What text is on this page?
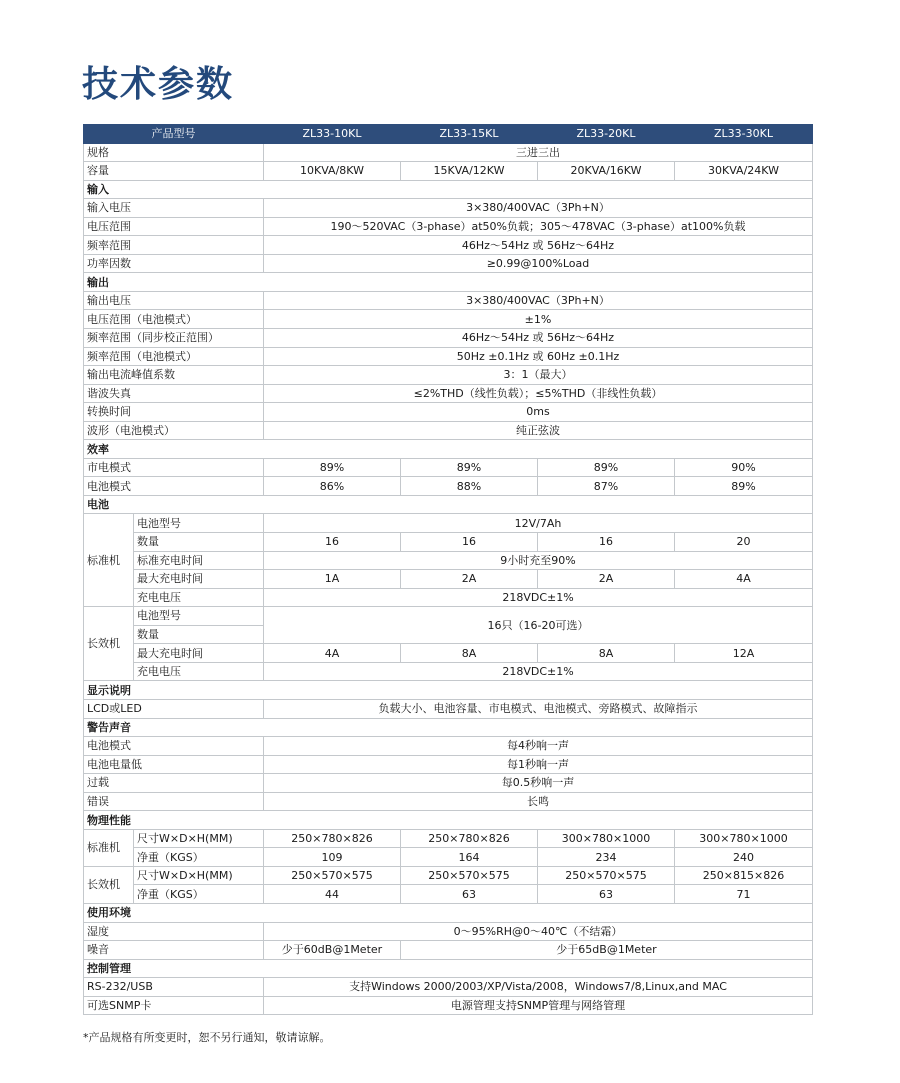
技术参数
产品型号		ZL33-10KL	ZL33-15KL	ZL33-20KL	ZL33-30KL
规格		三进三出			
容量		10KVA/8KW	15KVA/12KW	20KVA/16KW	30KVA/24KW
输入					
输入电压		3×380/400VAC（3Ph+N）			
电压范围		190～520VAC（3-phase）at50%负载；305～478VAC（3-phase）at100%负载			
频率范围		46Hz～54Hz 或 56Hz～64Hz			
功率因数		≥0.99@100%Load			
输出					
输出电压		3×380/400VAC（3Ph+N）			
电压范围（电池模式）		±1%			
频率范围（同步校正范围）		46Hz～54Hz 或 56Hz～64Hz			
频率范围（电池模式）		50Hz ±0.1Hz 或 60Hz ±0.1Hz			
输出电流峰值系数		3：1（最大）			
谐波失真		≤2%THD（线性负载）；≤5%THD（非线性负载）			
转换时间		0ms			
波形（电池模式）		纯正弦波			
效率					
市电模式		89%	89%	89%	90%
电池模式		86%	88%	87%	89%
电池					
标准机	电池型号	12V/7Ah			
	数量	16	16	16	20
	标准充电时间	9小时充至90%			
	最大充电时间	1A	2A	2A	4A
	充电电压	218VDC±1%			
长效机	电池型号	16只（16-20可选）			
	数量				
	最大充电时间	4A	8A	8A	12A
	充电电压	218VDC±1%			
显示说明					
LCD或LED		负载大小、电池容量、市电模式、电池模式、旁路模式、故障指示			
警告声音					
电池模式		每4秒响一声			
电池电量低		每1秒响一声			
过载		每0.5秒响一声			
错误		长鸣			
物理性能					
标准机	尺寸W×D×H(MM)	250×780×826	250×780×826	300×780×1000	300×780×1000
	净重（KGS）	109	164	234	240
长效机	尺寸W×D×H(MM)	250×570×575	250×570×575	250×570×575	250×815×826
	净重（KGS）	44	63	63	71
使用环境					
湿度		0～95%RH@0～40℃（不结霜）			
噪音		少于60dB@1Meter	少于65dB@1Meter		
控制管理					
RS-232/USB		支持Windows 2000/2003/XP/Vista/2008，Windows7/8,Linux,and MAC			
可选SNMP卡		电源管理支持SNMP管理与网络管理			
*产品规格有所变更时，恕不另行通知，敬请谅解。
